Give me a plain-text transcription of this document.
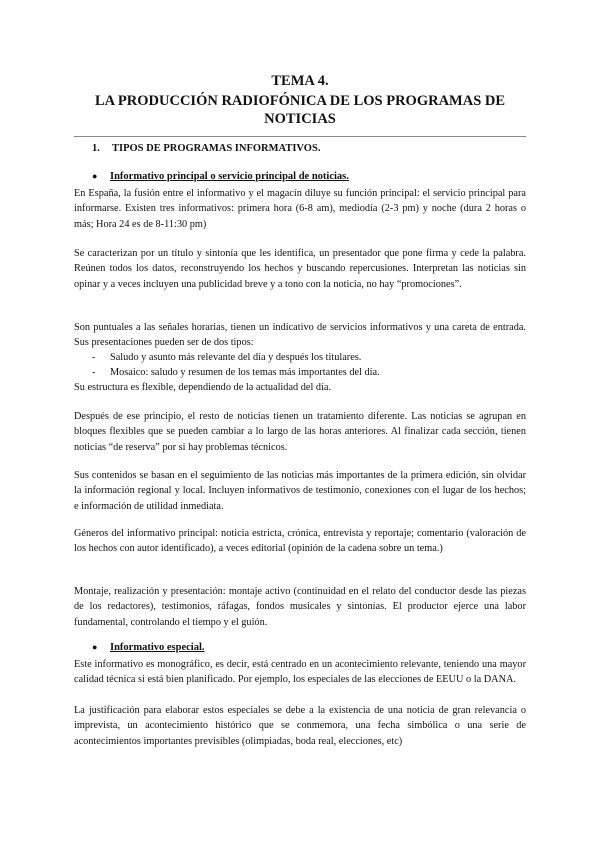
TEMA 4.
LA PRODUCCIÓN RADIOFÓNICA DE LOS PROGRAMAS DE NOTICIAS
1. TIPOS DE PROGRAMAS INFORMATIVOS.
● Informativo principal o servicio principal de noticias.

En España, la fusión entre el informativo y el magacín diluye su función principal: el servicio principal para informarse. Existen tres informativos: primera hora (6-8 am), mediodía (2-3 pm) y noche (dura 2 horas o más; Hora 24 es de 8-11:30 pm)

Se caracterizan por un título y sintonía que les identifica, un presentador que pone firma y cede la palabra. Reúnen todos los datos, reconstruyendo los hechos y buscando repercusiones. Interpretan las noticias sin opinar y a veces incluyen una publicidad breve y a tono con la noticia, no hay “promociones”.

Son puntuales a las señales horarias, tienen un indicativo de servicios informativos y una careta de entrada. Sus presentaciones pueden ser de dos tipos:

- Saludo y asunto más relevante del día y después los titulares.
- Mosaico: saludo y resumen de los temas más importantes del día.

Su estructura es flexible, dependiendo de la actualidad del día.

Después de ese principio, el resto de noticias tienen un tratamiento diferente. Las noticias se agrupan en bloques flexibles que se pueden cambiar a lo largo de las horas anteriores. Al finalizar cada sección, tienen noticias “de reserva” por si hay problemas técnicos.

Sus contenidos se basan en el seguimiento de las noticias más importantes de la primera edición, sin olvidar la información regional y local. Incluyen informativos de testimonio, conexiones con el lugar de los hechos; e información de utilidad inmediata.

Géneros del informativo principal: noticia estricta, crónica, entrevista y reportaje; comentario (valoración de los hechos con autor identificado), a veces editorial (opinión de la cadena sobre un tema.)

Montaje, realización y presentación: montaje activo (continuidad en el relato del conductor desde las piezas de los redactores), testimonios, ráfagas, fondos musicales y sintonías. El productor ejerce una labor fundamental, controlando el tiempo y el guión.

● Informativo especial.

Este informativo es monográfico, es decir, está centrado en un acontecimiento relevante, teniendo una mayor calidad técnica si está bien planificado. Por ejemplo, los especiales de las elecciones de EEUU o la DANA.

La justificación para elaborar estos especiales se debe a la existencia de una noticia de gran relevancia o imprevista, un acontecimiento histórico que se conmemora, una fecha simbólica o una serie de acontecimientos importantes previsibles (olimpiadas, boda real, elecciones, etc)
